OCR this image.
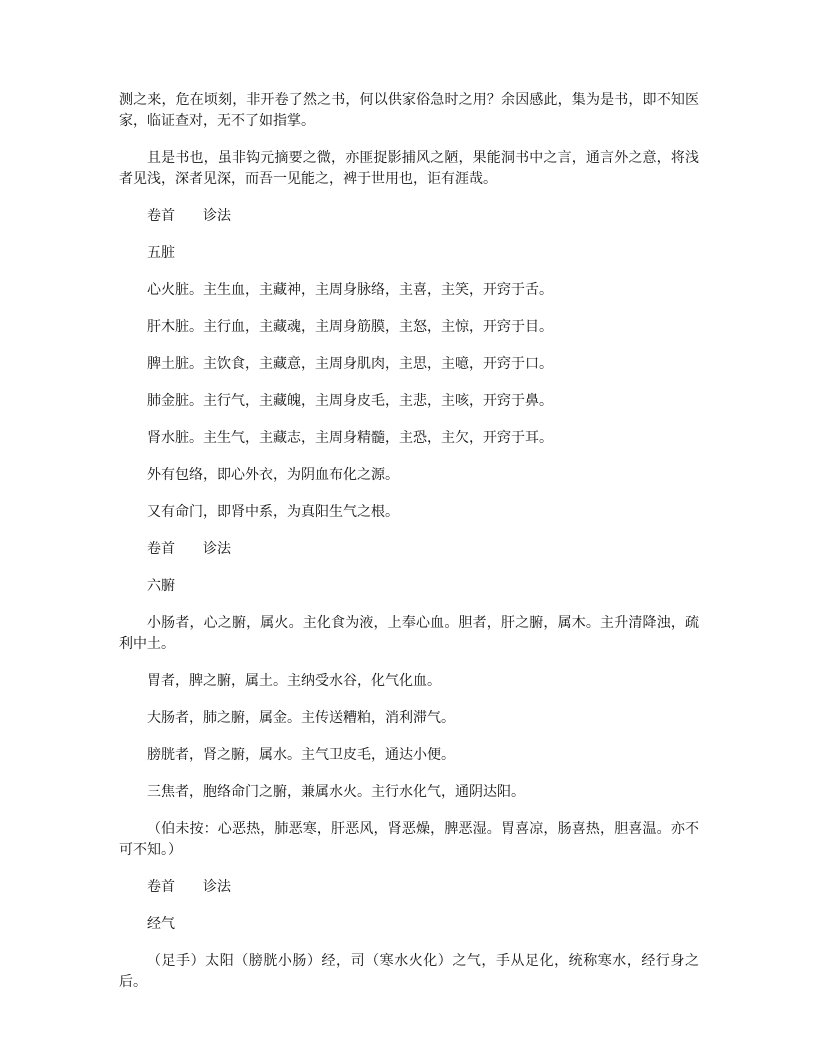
测之来，危在顷刻，非开卷了然之书，何以供家俗急时之用？余因感此，集为是书，即不知医家，临证查对，无不了如指掌。

且是书也，虽非钩元摘要之微，亦匪捉影捕风之陋，果能洞书中之言，通言外之意，将浅者见浅，深者见深，而吾一见能之，裨于世用也，讵有涯哉。

卷首 诊法

五脏

心火脏。主生血，主藏神，主周身脉络，主喜，主笑，开窍于舌。

肝木脏。主行血，主藏魂，主周身筋膜，主怒，主惊，开窍于目。

脾土脏。主饮食，主藏意，主周身肌肉，主思，主噫，开窍于口。

肺金脏。主行气，主藏魄，主周身皮毛，主悲，主咳，开窍于鼻。

肾水脏。主生气，主藏志，主周身精髓，主恐，主欠，开窍于耳。

外有包络，即心外衣，为阴血布化之源。

又有命门，即肾中系，为真阳生气之根。

卷首 诊法

六腑

小肠者，心之腑，属火。主化食为液，上奉心血。胆者，肝之腑，属木。主升清降浊，疏利中土。

胃者，脾之腑，属土。主纳受水谷，化气化血。

大肠者，肺之腑，属金。主传送糟粕，消利滞气。

膀胱者，肾之腑，属水。主气卫皮毛，通达小便。

三焦者，胞络命门之腑，兼属水火。主行水化气，通阴达阳。

（伯未按：心恶热，肺恶寒，肝恶风，肾恶燥，脾恶湿。胃喜凉，肠喜热，胆喜温。亦不可不知。）

卷首 诊法

经气

（足手）太阳（膀胱小肠）经，司（寒水火化）之气，手从足化，统称寒水，经行身之后。
